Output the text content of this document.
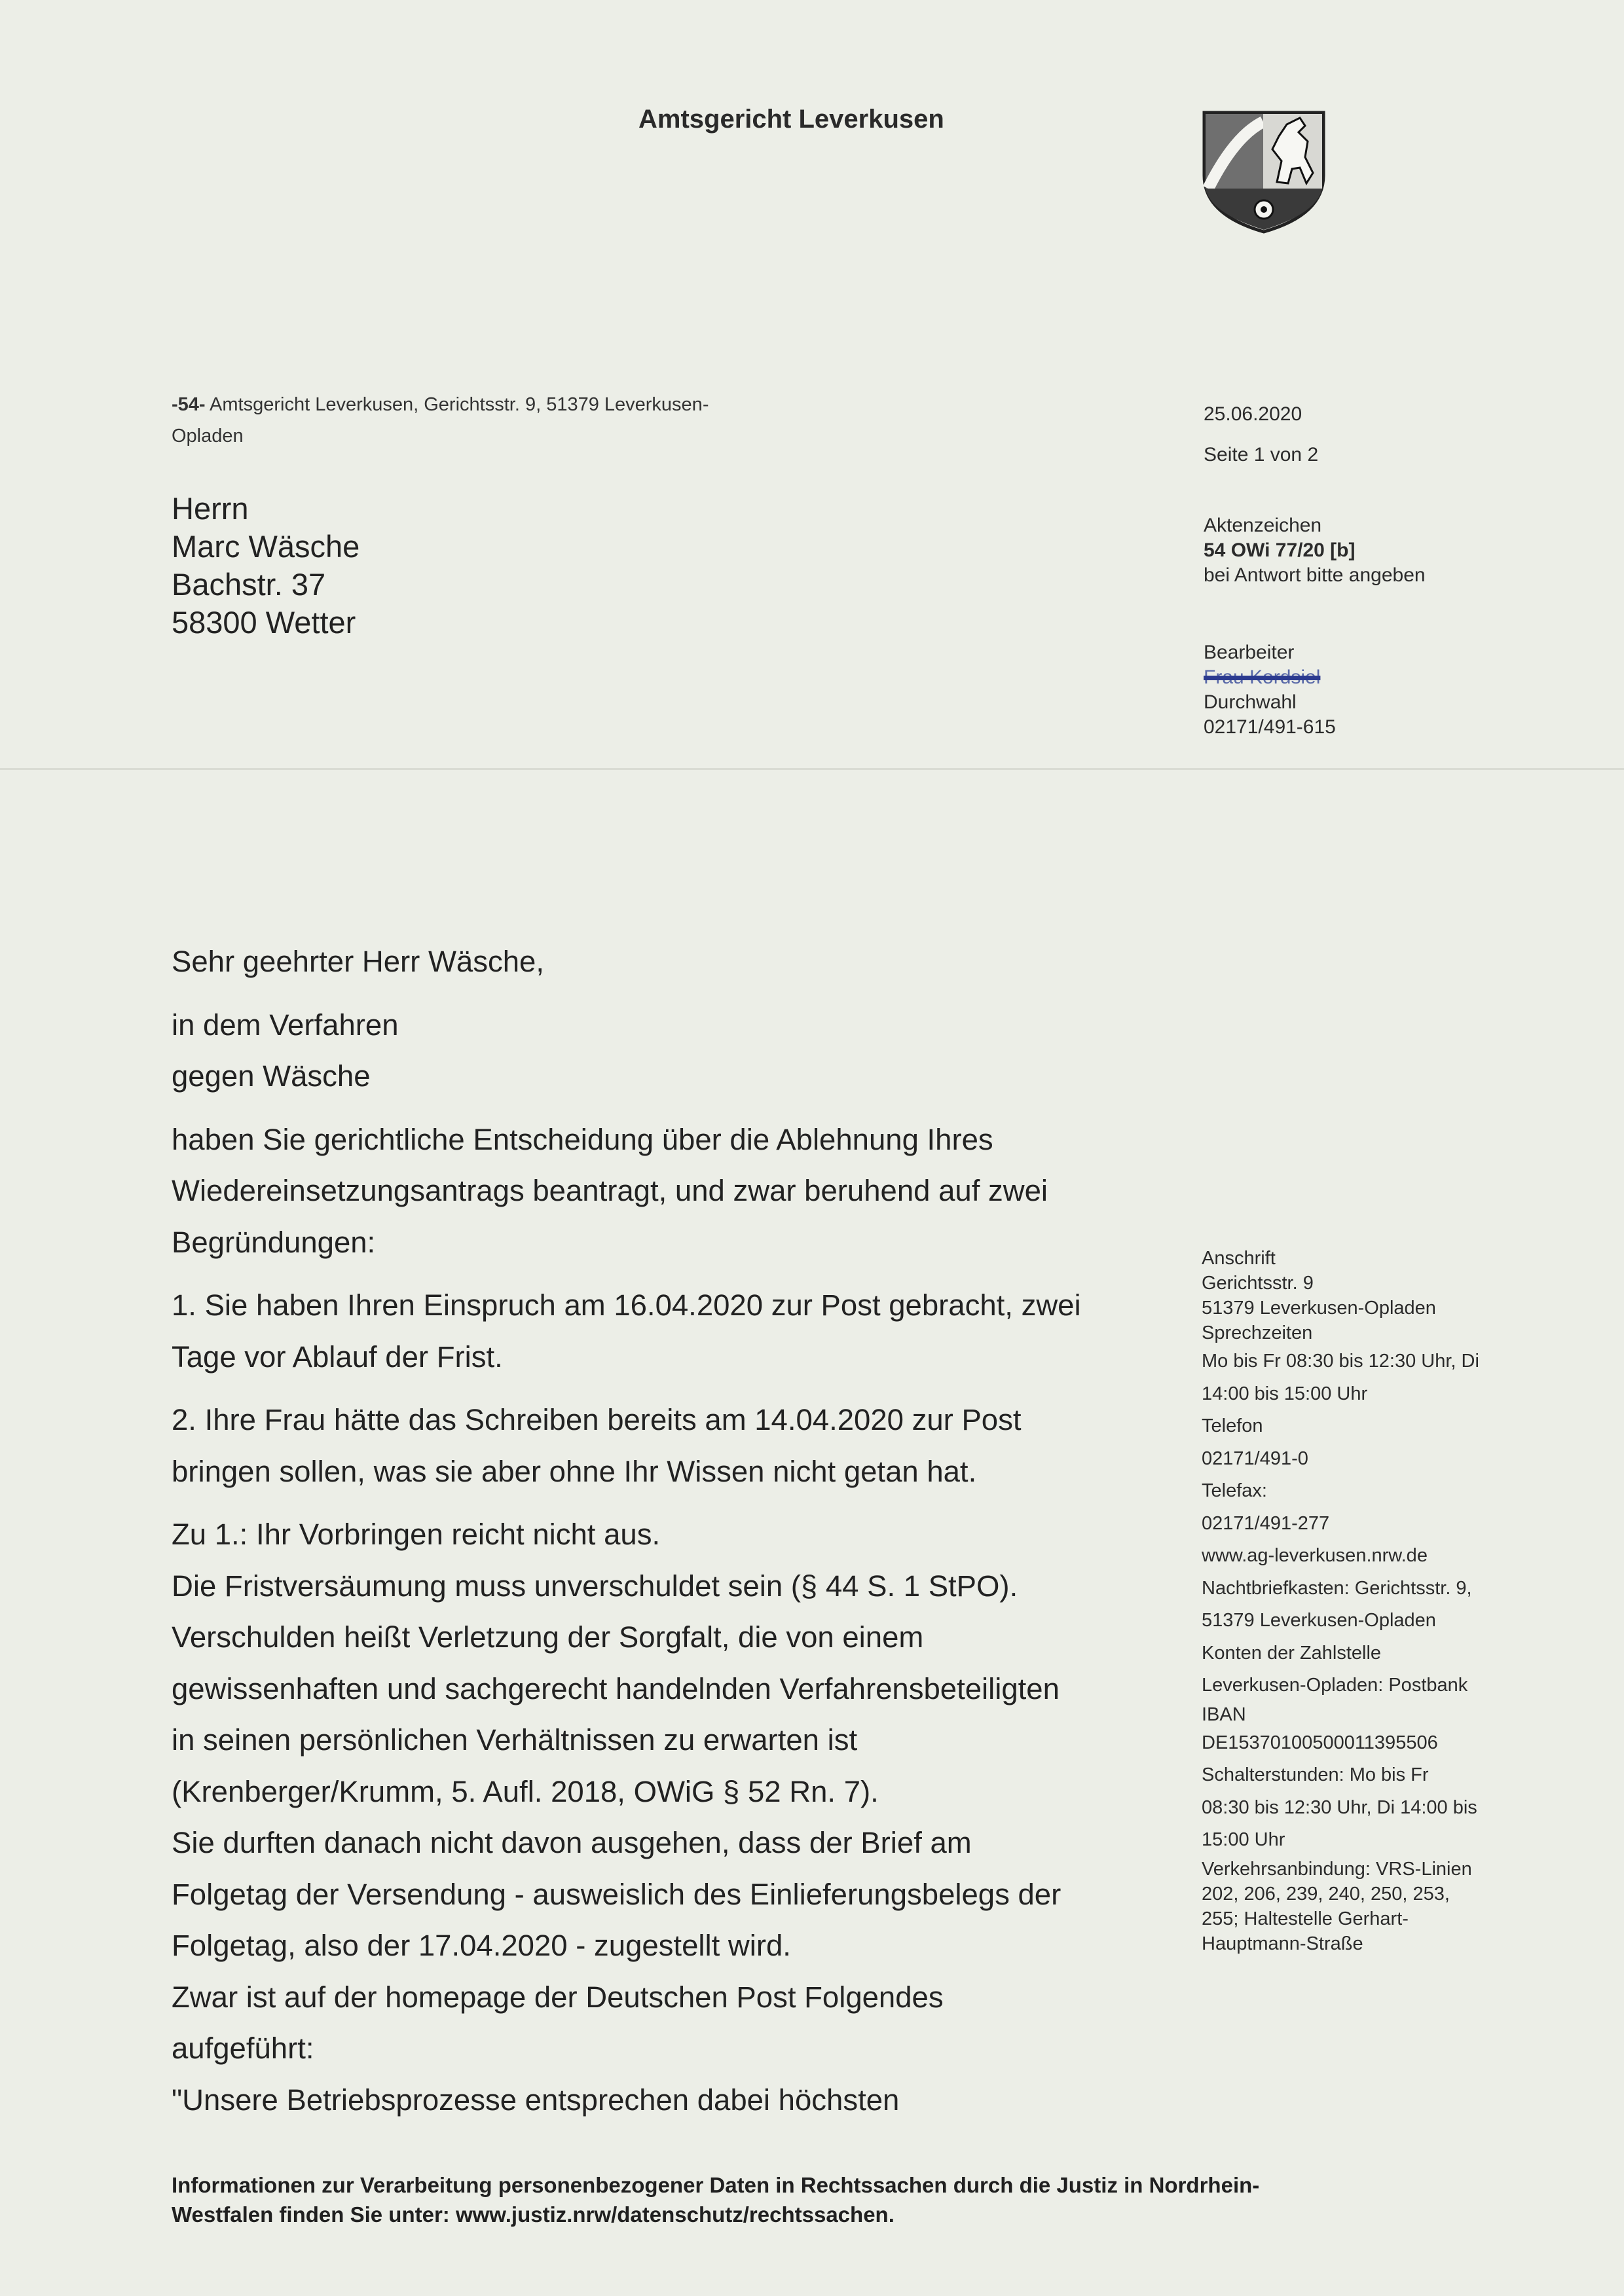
Amtsgericht Leverkusen
-54- Amtsgericht Leverkusen, Gerichtsstr. 9, 51379 Leverkusen-
Opladen
Herrn
Marc Wäsche
Bachstr. 37
58300 Wetter
25.06.2020
Seite 1 von 2
Aktenzeichen
54 OWi 77/20 [b]
bei Antwort bitte angeben
Bearbeiter
Frau Kordsiel
Durchwahl
02171/491-615

Sehr geehrter Herr Wäsche,

in dem Verfahren

gegen Wäsche

haben Sie gerichtliche Entscheidung über die Ablehnung Ihres

Wiedereinsetzungsantrags beantragt, und zwar beruhend auf zwei

Begründungen:

1. Sie haben Ihren Einspruch am 16.04.2020 zur Post gebracht, zwei

Tage vor Ablauf der Frist.

2. Ihre Frau hätte das Schreiben bereits am 14.04.2020 zur Post

bringen sollen, was sie aber ohne Ihr Wissen nicht getan hat.

Zu 1.: Ihr Vorbringen reicht nicht aus.

Die Fristversäumung muss unverschuldet sein (§ 44 S. 1 StPO).

Verschulden heißt Verletzung der Sorgfalt, die von einem

gewissenhaften und sachgerecht handelnden Verfahrensbeteiligten

in seinen persönlichen Verhältnissen zu erwarten ist

(Krenberger/Krumm, 5. Aufl. 2018, OWiG § 52 Rn. 7).

Sie durften danach nicht davon ausgehen, dass der Brief am

Folgetag der Versendung - ausweislich des Einlieferungsbelegs der

Folgetag, also der 17.04.2020 - zugestellt wird.

Zwar ist auf der homepage der Deutschen Post Folgendes

aufgeführt:

"Unsere Betriebsprozesse entsprechen dabei höchsten

Anschrift
Gerichtsstr. 9
51379 Leverkusen-Opladen
Sprechzeiten
Mo bis Fr 08:30 bis 12:30 Uhr, Di
14:00 bis 15:00 Uhr
Telefon
02171/491-0
Telefax:
02171/491-277
www.ag-leverkusen.nrw.de
Nachtbriefkasten: Gerichtsstr. 9,
51379 Leverkusen-Opladen
Konten der Zahlstelle
Leverkusen-Opladen: Postbank
IBAN
DE15370100500011395506
Schalterstunden: Mo bis Fr
08:30 bis 12:30 Uhr, Di 14:00 bis
15:00 Uhr
Verkehrsanbindung: VRS-Linien
202, 206, 239, 240, 250, 253,
255; Haltestelle Gerhart-
Hauptmann-Straße
Informationen zur Verarbeitung personenbezogener Daten in Rechtssachen durch die Justiz in Nordrhein-
Westfalen finden Sie unter: www.justiz.nrw/datenschutz/rechtssachen.
